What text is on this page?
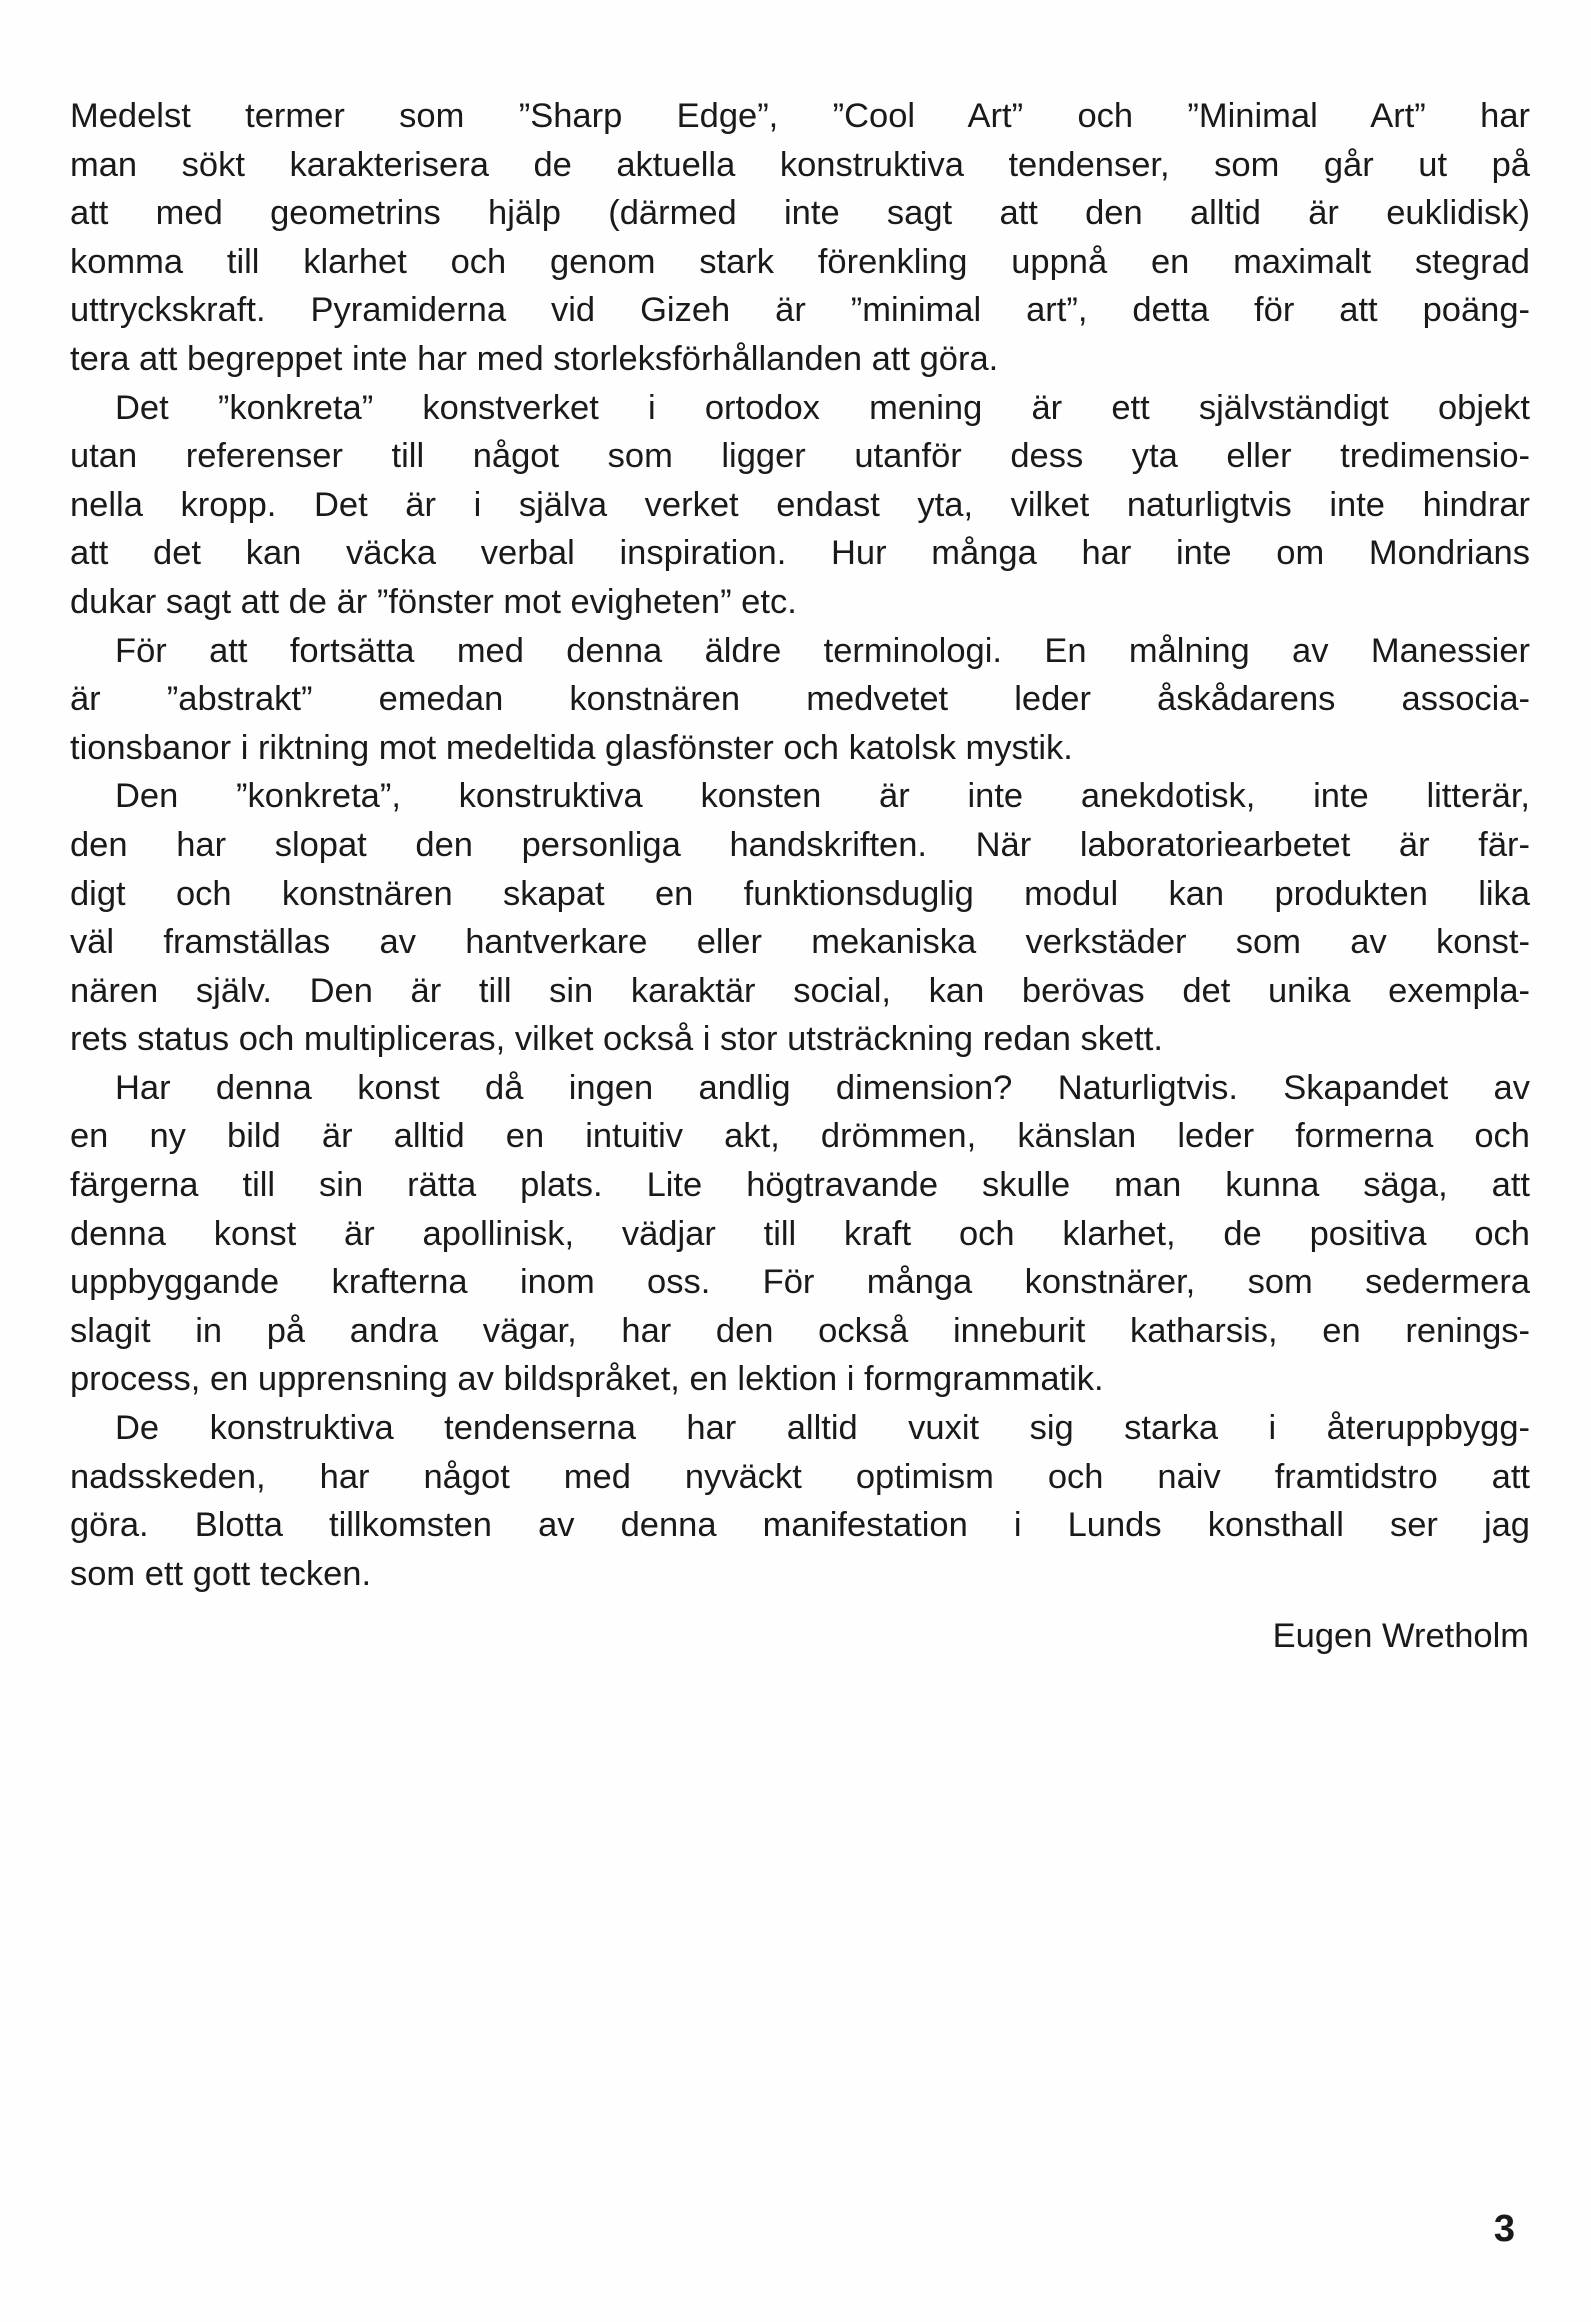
Medelst termer som ”Sharp Edge”, ”Cool Art” och ”Minimal Art” har
man sökt karakterisera de aktuella konstruktiva tendenser, som går ut på
att med geometrins hjälp (därmed inte sagt att den alltid är euklidisk)
komma till klarhet och genom stark förenkling uppnå en maximalt stegrad
uttryckskraft. Pyramiderna vid Gizeh är ”minimal art”, detta för att poäng-
tera att begreppet inte har med storleksförhållanden att göra.
Det ”konkreta” konstverket i ortodox mening är ett självständigt objekt
utan referenser till något som ligger utanför dess yta eller tredimensio-
nella kropp. Det är i själva verket endast yta, vilket naturligtvis inte hindrar
att det kan väcka verbal inspiration. Hur många har inte om Mondrians
dukar sagt att de är ”fönster mot evigheten” etc.
För att fortsätta med denna äldre terminologi. En målning av Manessier
är ”abstrakt” emedan konstnären medvetet leder åskådarens associa-
tionsbanor i riktning mot medeltida glasfönster och katolsk mystik.
Den ”konkreta”, konstruktiva konsten är inte anekdotisk, inte litterär,
den har slopat den personliga handskriften. När laboratoriearbetet är fär-
digt och konstnären skapat en funktionsduglig modul kan produkten lika
väl framställas av hantverkare eller mekaniska verkstäder som av konst-
nären själv. Den är till sin karaktär social, kan berövas det unika exempla-
rets status och multipliceras, vilket också i stor utsträckning redan skett.
Har denna konst då ingen andlig dimension? Naturligtvis. Skapandet av
en ny bild är alltid en intuitiv akt, drömmen, känslan leder formerna och
färgerna till sin rätta plats. Lite högtravande skulle man kunna säga, att
denna konst är apollinisk, vädjar till kraft och klarhet, de positiva och
uppbyggande krafterna inom oss. För många konstnärer, som sedermera
slagit in på andra vägar, har den också inneburit katharsis, en renings-
process, en upprensning av bildspråket, en lektion i formgrammatik.
De konstruktiva tendenserna har alltid vuxit sig starka i återuppbygg-
nadsskeden, har något med nyväckt optimism och naiv framtidstro att
göra. Blotta tillkomsten av denna manifestation i Lunds konsthall ser jag
som ett gott tecken.
Eugen Wretholm
3
